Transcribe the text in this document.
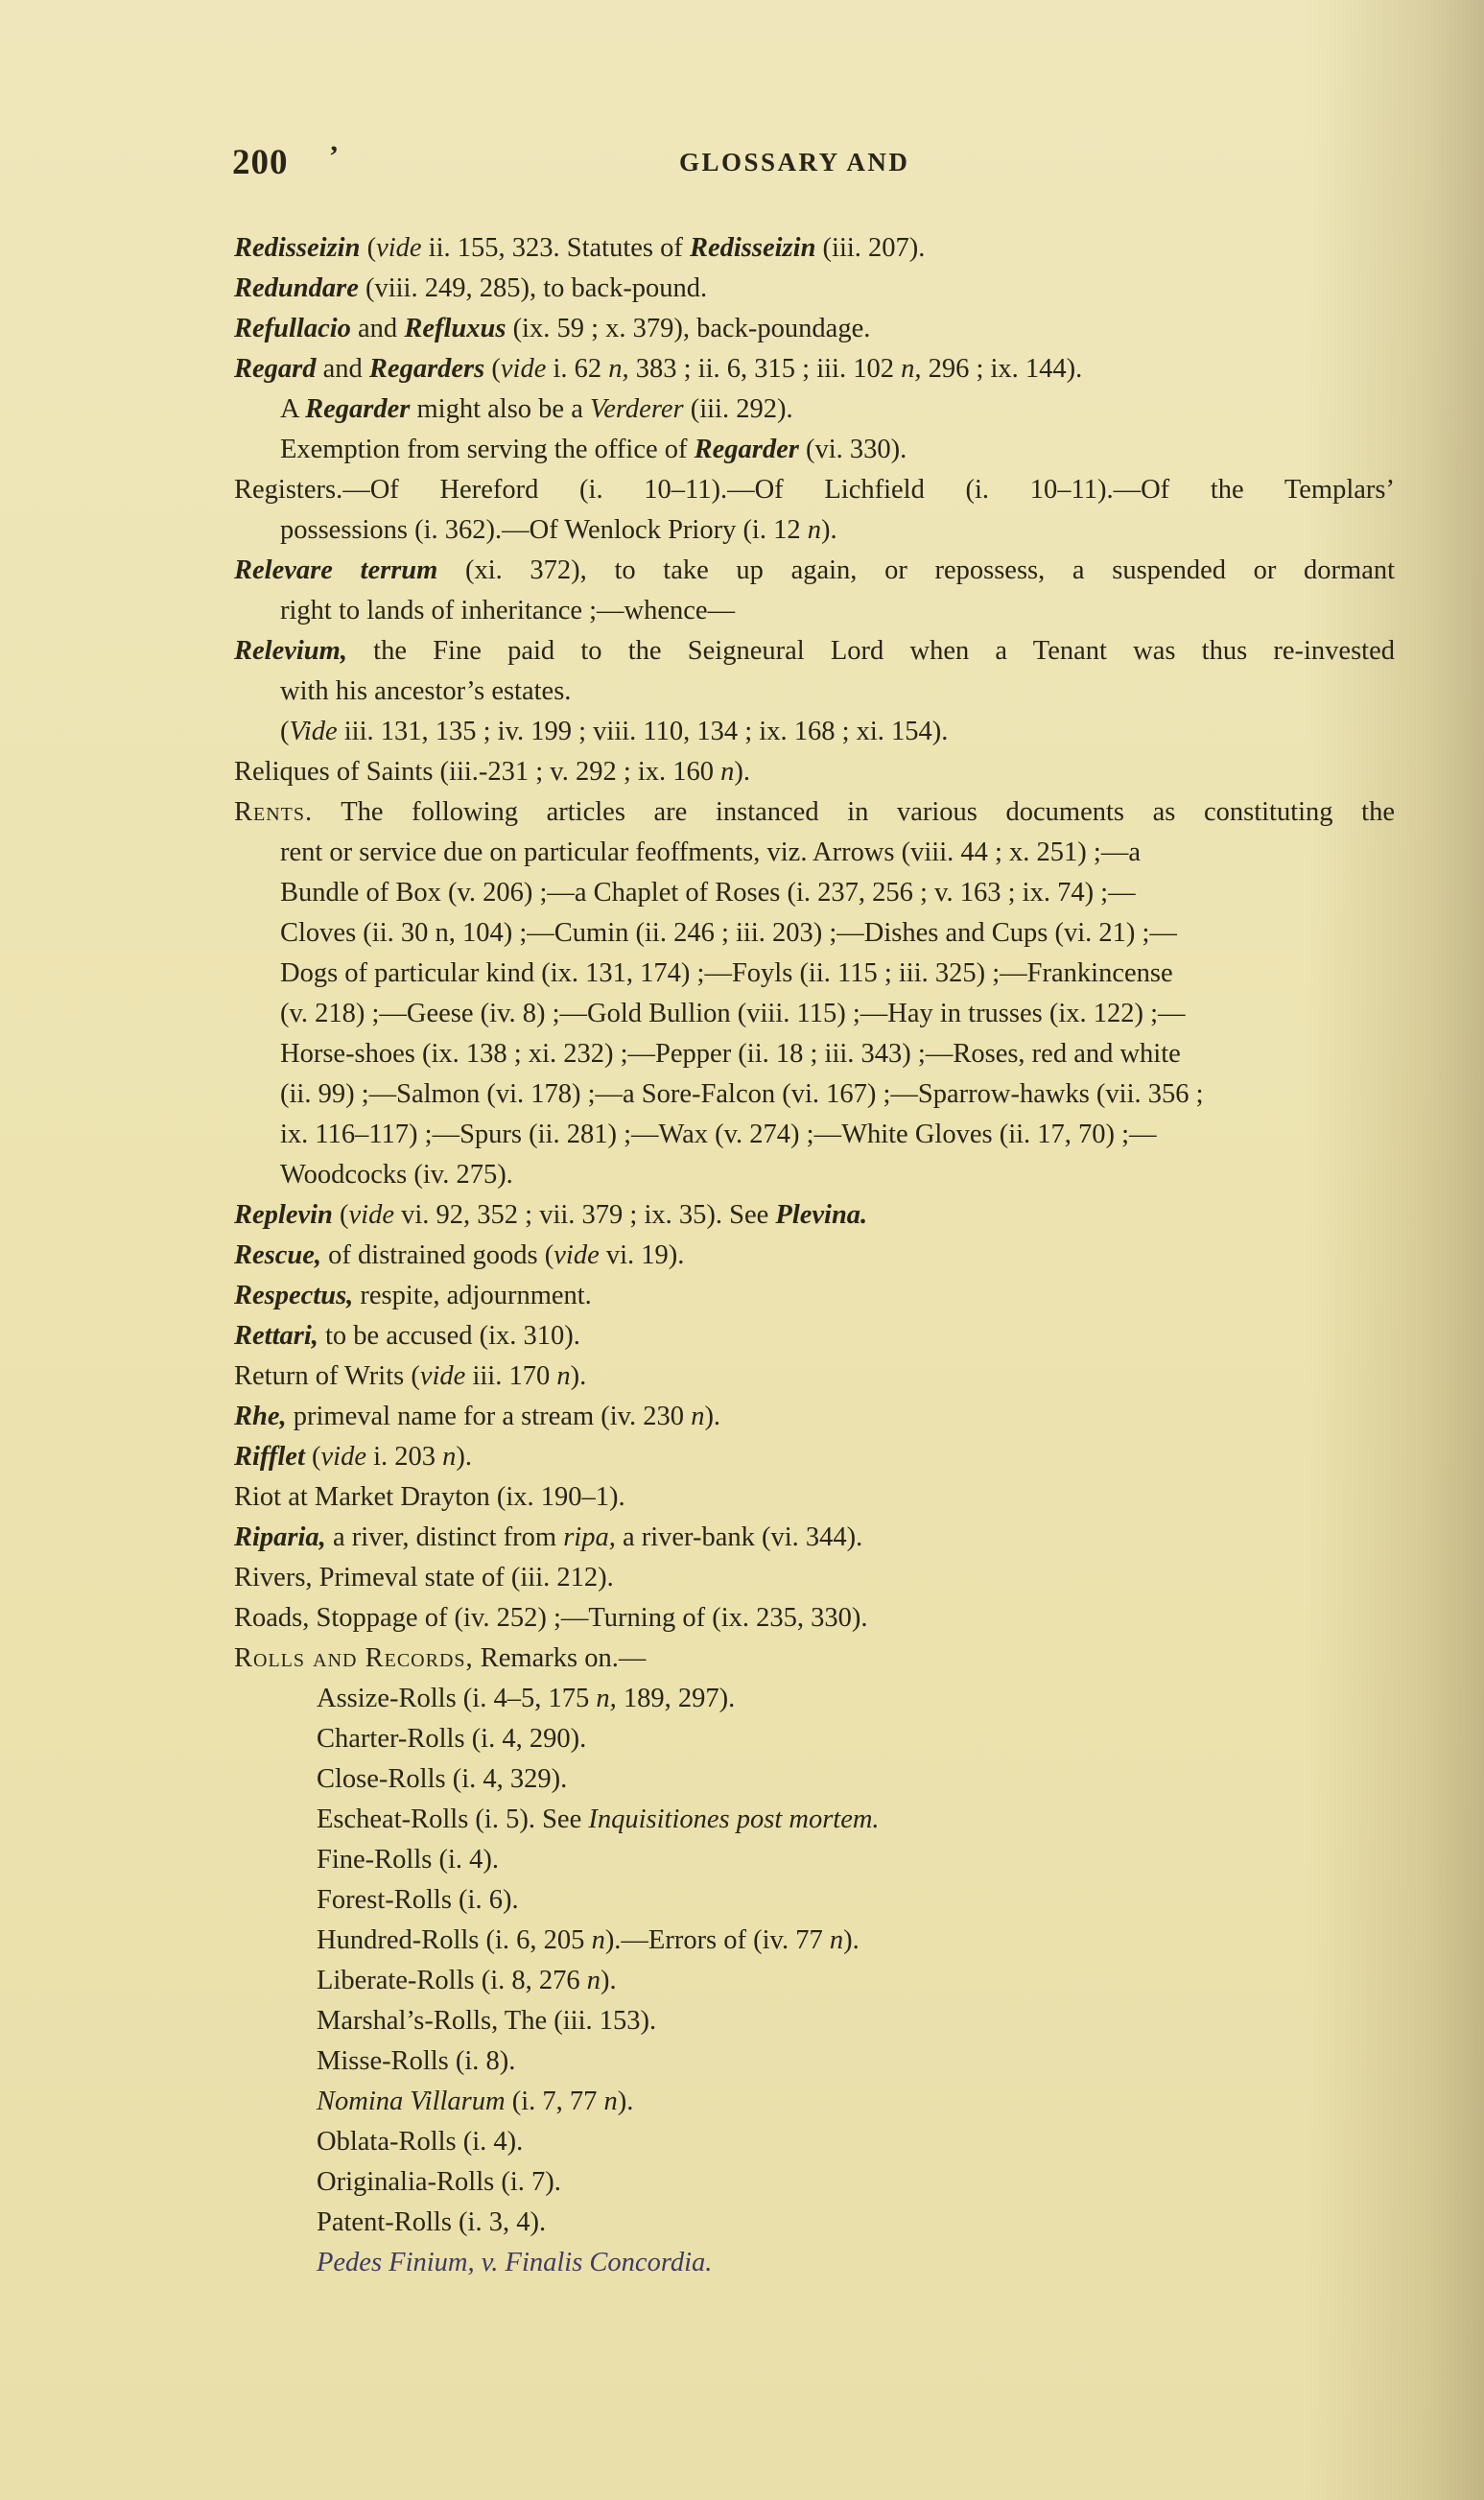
200 ’	GLOSSARY AND
Redisseizin (vide ii. 155, 323. Statutes of Redisseizin (iii. 207).
Redundare (viii. 249, 285), to back-pound.
Refullacio and Refluxus (ix. 59 ; x. 379), back-poundage.
Regard and Regarders (vide i. 62 n, 383 ; ii. 6, 315 ; iii. 102 n, 296 ; ix. 144).
A Regarder might also be a Verderer (iii. 292).
Exemption from serving the office of Regarder (vi. 330).
Registers.—Of Hereford (i. 10–11).—Of Lichfield (i. 10–11).—Of the Templars’
possessions (i. 362).—Of Wenlock Priory (i. 12 n).
Relevare terrum (xi. 372), to take up again, or repossess, a suspended or dormant
right to lands of inheritance ;—whence—
Relevium, the Fine paid to the Seigneural Lord when a Tenant was thus re-invested
with his ancestor’s estates.
(Vide iii. 131, 135 ; iv. 199 ; viii. 110, 134 ; ix. 168 ; xi. 154).
Reliques of Saints (iii.-231 ; v. 292 ; ix. 160 n).
Rents. The following articles are instanced in various documents as constituting the
rent or service due on particular feoffments, viz. Arrows (viii. 44 ; x. 251) ;—a
Bundle of Box (v. 206) ;—a Chaplet of Roses (i. 237, 256 ; v. 163 ; ix. 74) ;—
Cloves (ii. 30 n, 104) ;—Cumin (ii. 246 ; iii. 203) ;—Dishes and Cups (vi. 21) ;—
Dogs of particular kind (ix. 131, 174) ;—Foyls (ii. 115 ; iii. 325) ;—Frankincense
(v. 218) ;—Geese (iv. 8) ;—Gold Bullion (viii. 115) ;—Hay in trusses (ix. 122) ;—
Horse-shoes (ix. 138 ; xi. 232) ;—Pepper (ii. 18 ; iii. 343) ;—Roses, red and white
(ii. 99) ;—Salmon (vi. 178) ;—a Sore-Falcon (vi. 167) ;—Sparrow-hawks (vii. 356 ;
ix. 116–117) ;—Spurs (ii. 281) ;—Wax (v. 274) ;—White Gloves (ii. 17, 70) ;—
Woodcocks (iv. 275).
Replevin (vide vi. 92, 352 ; vii. 379 ; ix. 35). See Plevina.
Rescue, of distrained goods (vide vi. 19).
Respectus, respite, adjournment.
Rettari, to be accused (ix. 310).
Return of Writs (vide iii. 170 n).
Rhe, primeval name for a stream (iv. 230 n).
Rifflet (vide i. 203 n).
Riot at Market Drayton (ix. 190–1).
Riparia, a river, distinct from ripa, a river-bank (vi. 344).
Rivers, Primeval state of (iii. 212).
Roads, Stoppage of (iv. 252) ;—Turning of (ix. 235, 330).
Rolls and Records, Remarks on.—
Assize-Rolls (i. 4–5, 175 n, 189, 297).
Charter-Rolls (i. 4, 290).
Close-Rolls (i. 4, 329).
Escheat-Rolls (i. 5). See Inquisitiones post mortem.
Fine-Rolls (i. 4).
Forest-Rolls (i. 6).
Hundred-Rolls (i. 6, 205 n).—Errors of (iv. 77 n).
Liberate-Rolls (i. 8, 276 n).
Marshal’s-Rolls, The (iii. 153).
Misse-Rolls (i. 8).
Nomina Villarum (i. 7, 77 n).
Oblata-Rolls (i. 4).
Originalia-Rolls (i. 7).
Patent-Rolls (i. 3, 4).
Pedes Finium, v. Finalis Concordia.
